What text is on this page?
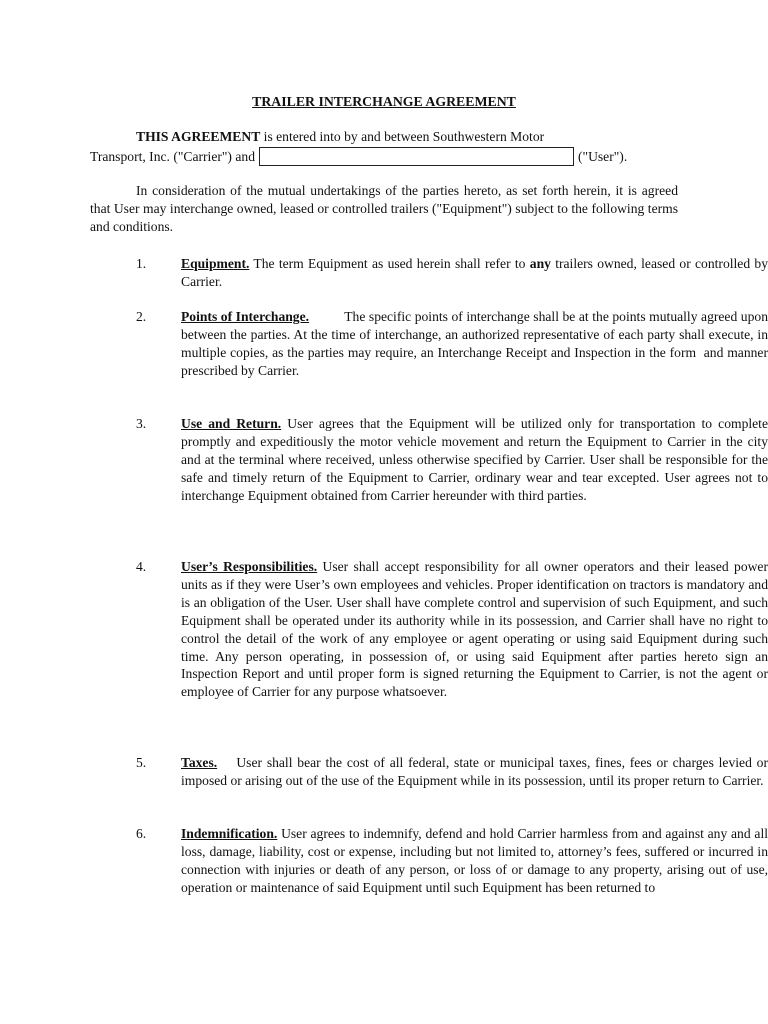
TRAILER INTERCHANGE AGREEMENT
THIS AGREEMENT is entered into by and between Southwestern Motor
Transport, Inc. ("Carrier") and	("User").
In consideration of the mutual undertakings of the parties hereto, as set forth herein, it is agreed that User may interchange owned, leased or controlled trailers ("Equipment") subject to the following terms and conditions.
1.	Equipment. The term Equipment as used herein shall refer to any trailers owned, leased or controlled by Carrier.
2.	Points of Interchange.	The specific points of interchange shall be at the points mutually agreed upon between the parties. At the time of interchange, an authorized representative of each party shall execute, in multiple copies, as the parties may require, an Interchange Receipt and Inspection in the form  and manner prescribed by Carrier.
3.	Use and Return. User agrees that the Equipment will be utilized only for transportation to complete promptly and expeditiously the motor vehicle movement and return the Equipment to Carrier in the city and at the terminal where received, unless otherwise specified by Carrier. User shall be responsible for the safe and timely return of the Equipment to Carrier, ordinary wear and tear excepted. User agrees not to interchange Equipment obtained from Carrier hereunder with third parties.
4.	User’s Responsibilities. User shall accept responsibility for all owner operators and their leased power units as if they were User’s own employees and vehicles. Proper identification on tractors is mandatory and is an obligation of the User. User shall have complete control and supervision of such Equipment, and such Equipment shall be operated under its authority while in its possession, and Carrier shall have no right to control the detail of the work of any employee or agent operating or using said Equipment during such time. Any person operating, in possession of, or using said Equipment after parties hereto sign an Inspection Report and until proper form is signed returning the Equipment to Carrier, is not the agent or employee of Carrier for any purpose whatsoever.
5.	Taxes.    User shall bear the cost of all federal, state or municipal taxes, fines, fees or charges levied or imposed or arising out of the use of the Equipment while in its possession, until its proper return to Carrier.
6.	Indemnification. User agrees to indemnify, defend and hold Carrier harmless from and against any and all loss, damage, liability, cost or expense, including but not limited to, attorney’s fees, suffered or incurred in connection with injuries or death of any person, or loss of or damage to any property, arising out of use, operation or maintenance of said Equipment until such Equipment has been returned to
